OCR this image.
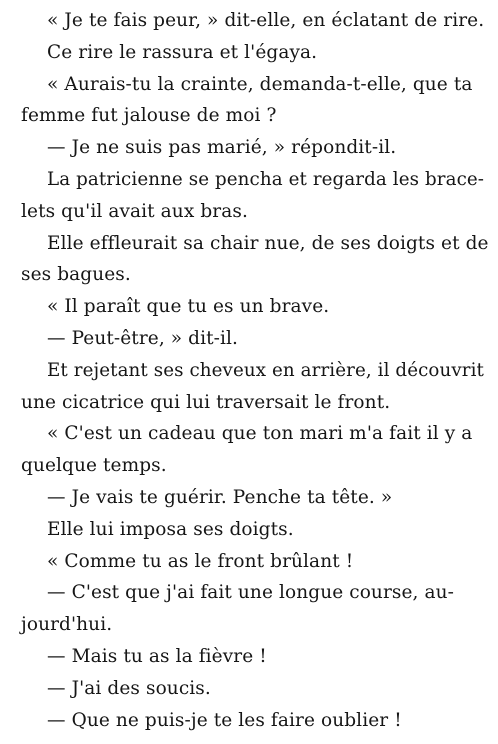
« Je te fais peur, » dit-elle, en éclatant de rire.
Ce rire le rassura et l'égaya.
« Aurais-tu la crainte, demanda-t-elle, que ta
femme fut jalouse de moi ?
— Je ne suis pas marié, » répondit-il.
La patricienne se pencha et regarda les brace-
lets qu'il avait aux bras.
Elle effleurait sa chair nue, de ses doigts et de
ses bagues.
« Il paraît que tu es un brave.
— Peut-être, » dit-il.
Et rejetant ses cheveux en arrière, il découvrit
une cicatrice qui lui traversait le front.
« C'est un cadeau que ton mari m'a fait il y a
quelque temps.
— Je vais te guérir. Penche ta tête. »
Elle lui imposa ses doigts.
« Comme tu as le front brûlant !
— C'est que j'ai fait une longue course, au-
jourd'hui.
— Mais tu as la fièvre !
— J'ai des soucis.
— Que ne puis-je te les faire oublier !
